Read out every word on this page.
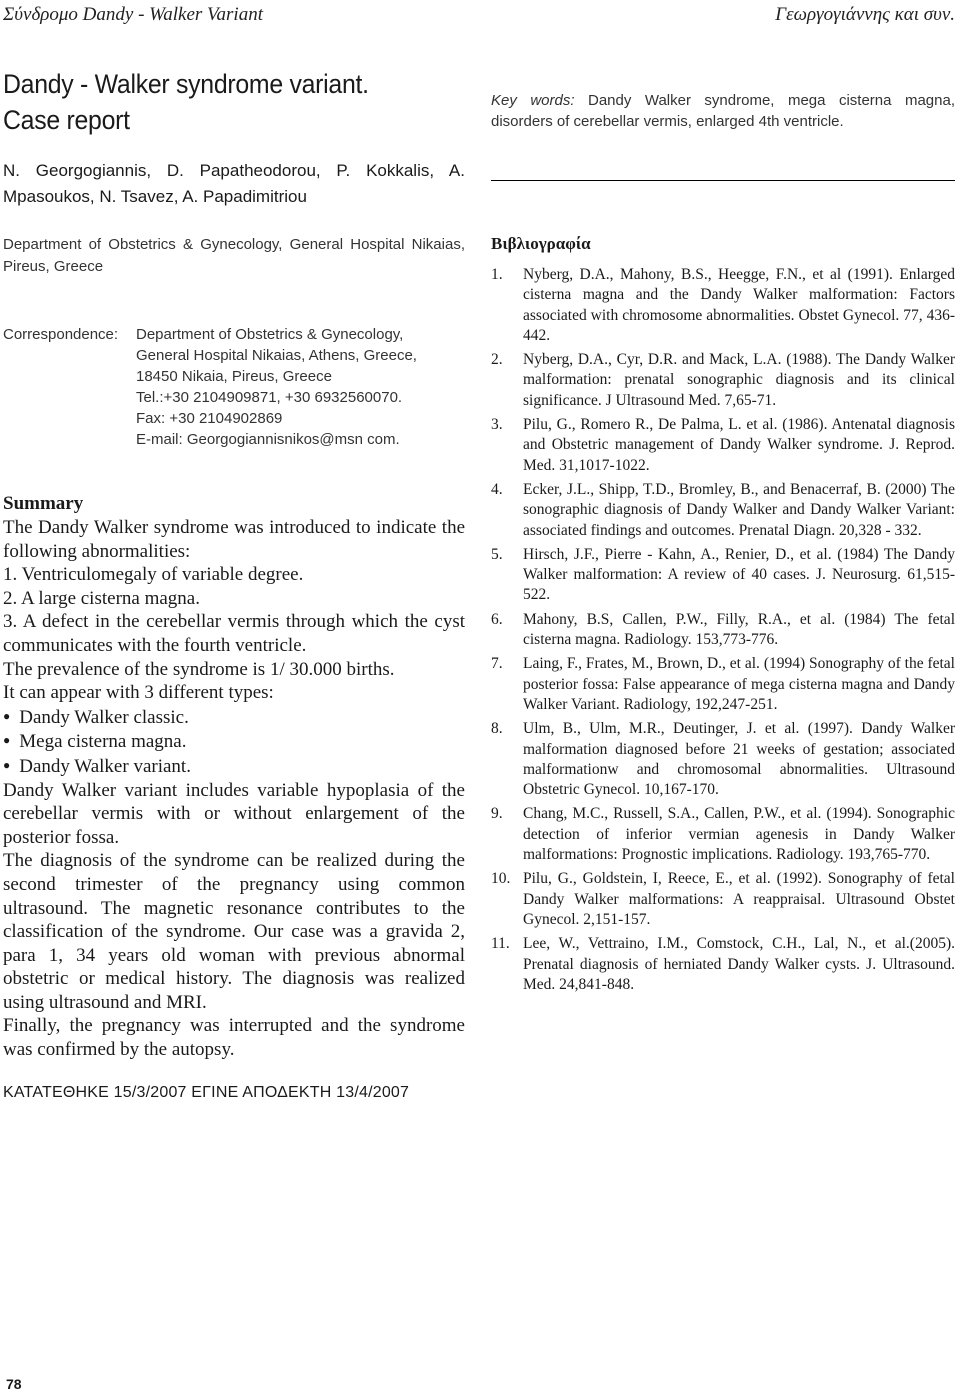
Σύνδρομο Dandy - Walker Variant	Γεωργογιάννης και συν.
Dandy - Walker syndrome variant.
Case report
N. Georgogiannis, D. Papatheodorou, P. Kokkalis, A. Mpasoukos, N. Tsavez, A. Papadimitriou
Department of Obstetrics & Gynecology, General Hospital Nikaias, Pireus, Greece
Correspondence:	Department of Obstetrics & Gynecology,
General Hospital Nikaias, Athens, Greece,
18450 Nikaia, Pireus, Greece
Tel.:+30 2104909871, +30 6932560070.
Fax: +30 2104902869
E-mail: Georgogiannisnikos@msn com.
Summary

The Dandy Walker syndrome was introduced to indicate the following abnormalities:

1. Ventriculomegaly of variable degree.

2. A large cisterna magna.

3. A defect in the cerebellar vermis through which the cyst communicates with the fourth ventricle.

The prevalence of the syndrome is 1/ 30.000 births.

It can appear with 3 different types:

● Dandy Walker classic.

● Mega cisterna magna.

● Dandy Walker variant.

Dandy Walker variant includes variable hypoplasia of the cerebellar vermis with or without enlargement of the posterior fossa.

The diagnosis of the syndrome can be realized during the second trimester of the pregnancy using common ultrasound. The magnetic resonance contributes to the classification of the syndrome. Our case was a gravida 2, para 1, 34 years old woman with previous abnormal obstetric or medical history. The diagnosis was realized using ultrasound and MRI.

Finally, the pregnancy was interrupted and the syndrome was confirmed by the autopsy.

ΚΑΤΑΤΕΘΗΚΕ 15/3/2007 ΕΓΙΝΕ ΑΠΟΔΕΚΤΗ 13/4/2007
Key words: Dandy Walker syndrome, mega cisterna magna, disorders of cerebellar vermis, enlarged 4th ventricle.
Βιβλιογραφία
1.	Nyberg, D.A., Mahony, B.S., Heegge, F.N., et al (1991). Enlarged cisterna magna and the Dandy Walker malformation: Factors associated with chromosome abnormalities. Obstet Gynecol. 77, 436-442.
2.	Nyberg, D.A., Cyr, D.R. and Mack, L.A. (1988). The Dandy Walker malformation: prenatal sonographic diagnosis and its clinical significance. J Ultrasound Med. 7,65-71.
3.	Pilu, G., Romero R., De Palma, L. et al. (1986). Antenatal diagnosis and Obstetric management of Dandy Walker syndrome. J. Reprod. Med. 31,1017-1022.
4.	Ecker, J.L., Shipp, T.D., Bromley, B., and Benacerraf, B. (2000) The sonographic diagnosis of Dandy Walker and Dandy Walker Variant: associated findings and outcomes. Prenatal Diagn. 20,328 - 332.
5.	Hirsch, J.F., Pierre - Kahn, A., Renier, D., et al. (1984) The Dandy Walker malformation: A review of 40 cases. J. Neurosurg. 61,515-522.
6.	Mahony, B.S, Callen, P.W., Filly, R.A., et al. (1984) The fetal cisterna magna. Radiology. 153,773-776.
7.	Laing, F., Frates, M., Brown, D., et al. (1994) Sonography of the fetal posterior fossa: False appearance of mega cisterna magna and Dandy Walker Variant. Radiology, 192,247-251.
8.	Ulm, B., Ulm, M.R., Deutinger, J. et al. (1997). Dandy Walker malformation diagnosed before 21 weeks of gestation; associated malformationw and chromosomal abnormalities. Ultrasound Obstetric Gynecol. 10,167-170.
9.	Chang, M.C., Russell, S.A., Callen, P.W., et al. (1994). Sonographic detection of inferior vermian agenesis in Dandy Walker malformations: Prognostic implications. Radiology. 193,765-770.
10. Pilu, G., Goldstein, I, Reece, E., et al. (1992). Sonography of fetal Dandy Walker malformations: A reappraisal. Ultrasound Obstet Gynecol. 2,151-157.
11. Lee, W., Vettraino, I.M., Comstock, C.H., Lal, N., et al.(2005). Prenatal diagnosis of herniated Dandy Walker cysts. J. Ultrasound. Med. 24,841-848.
78
